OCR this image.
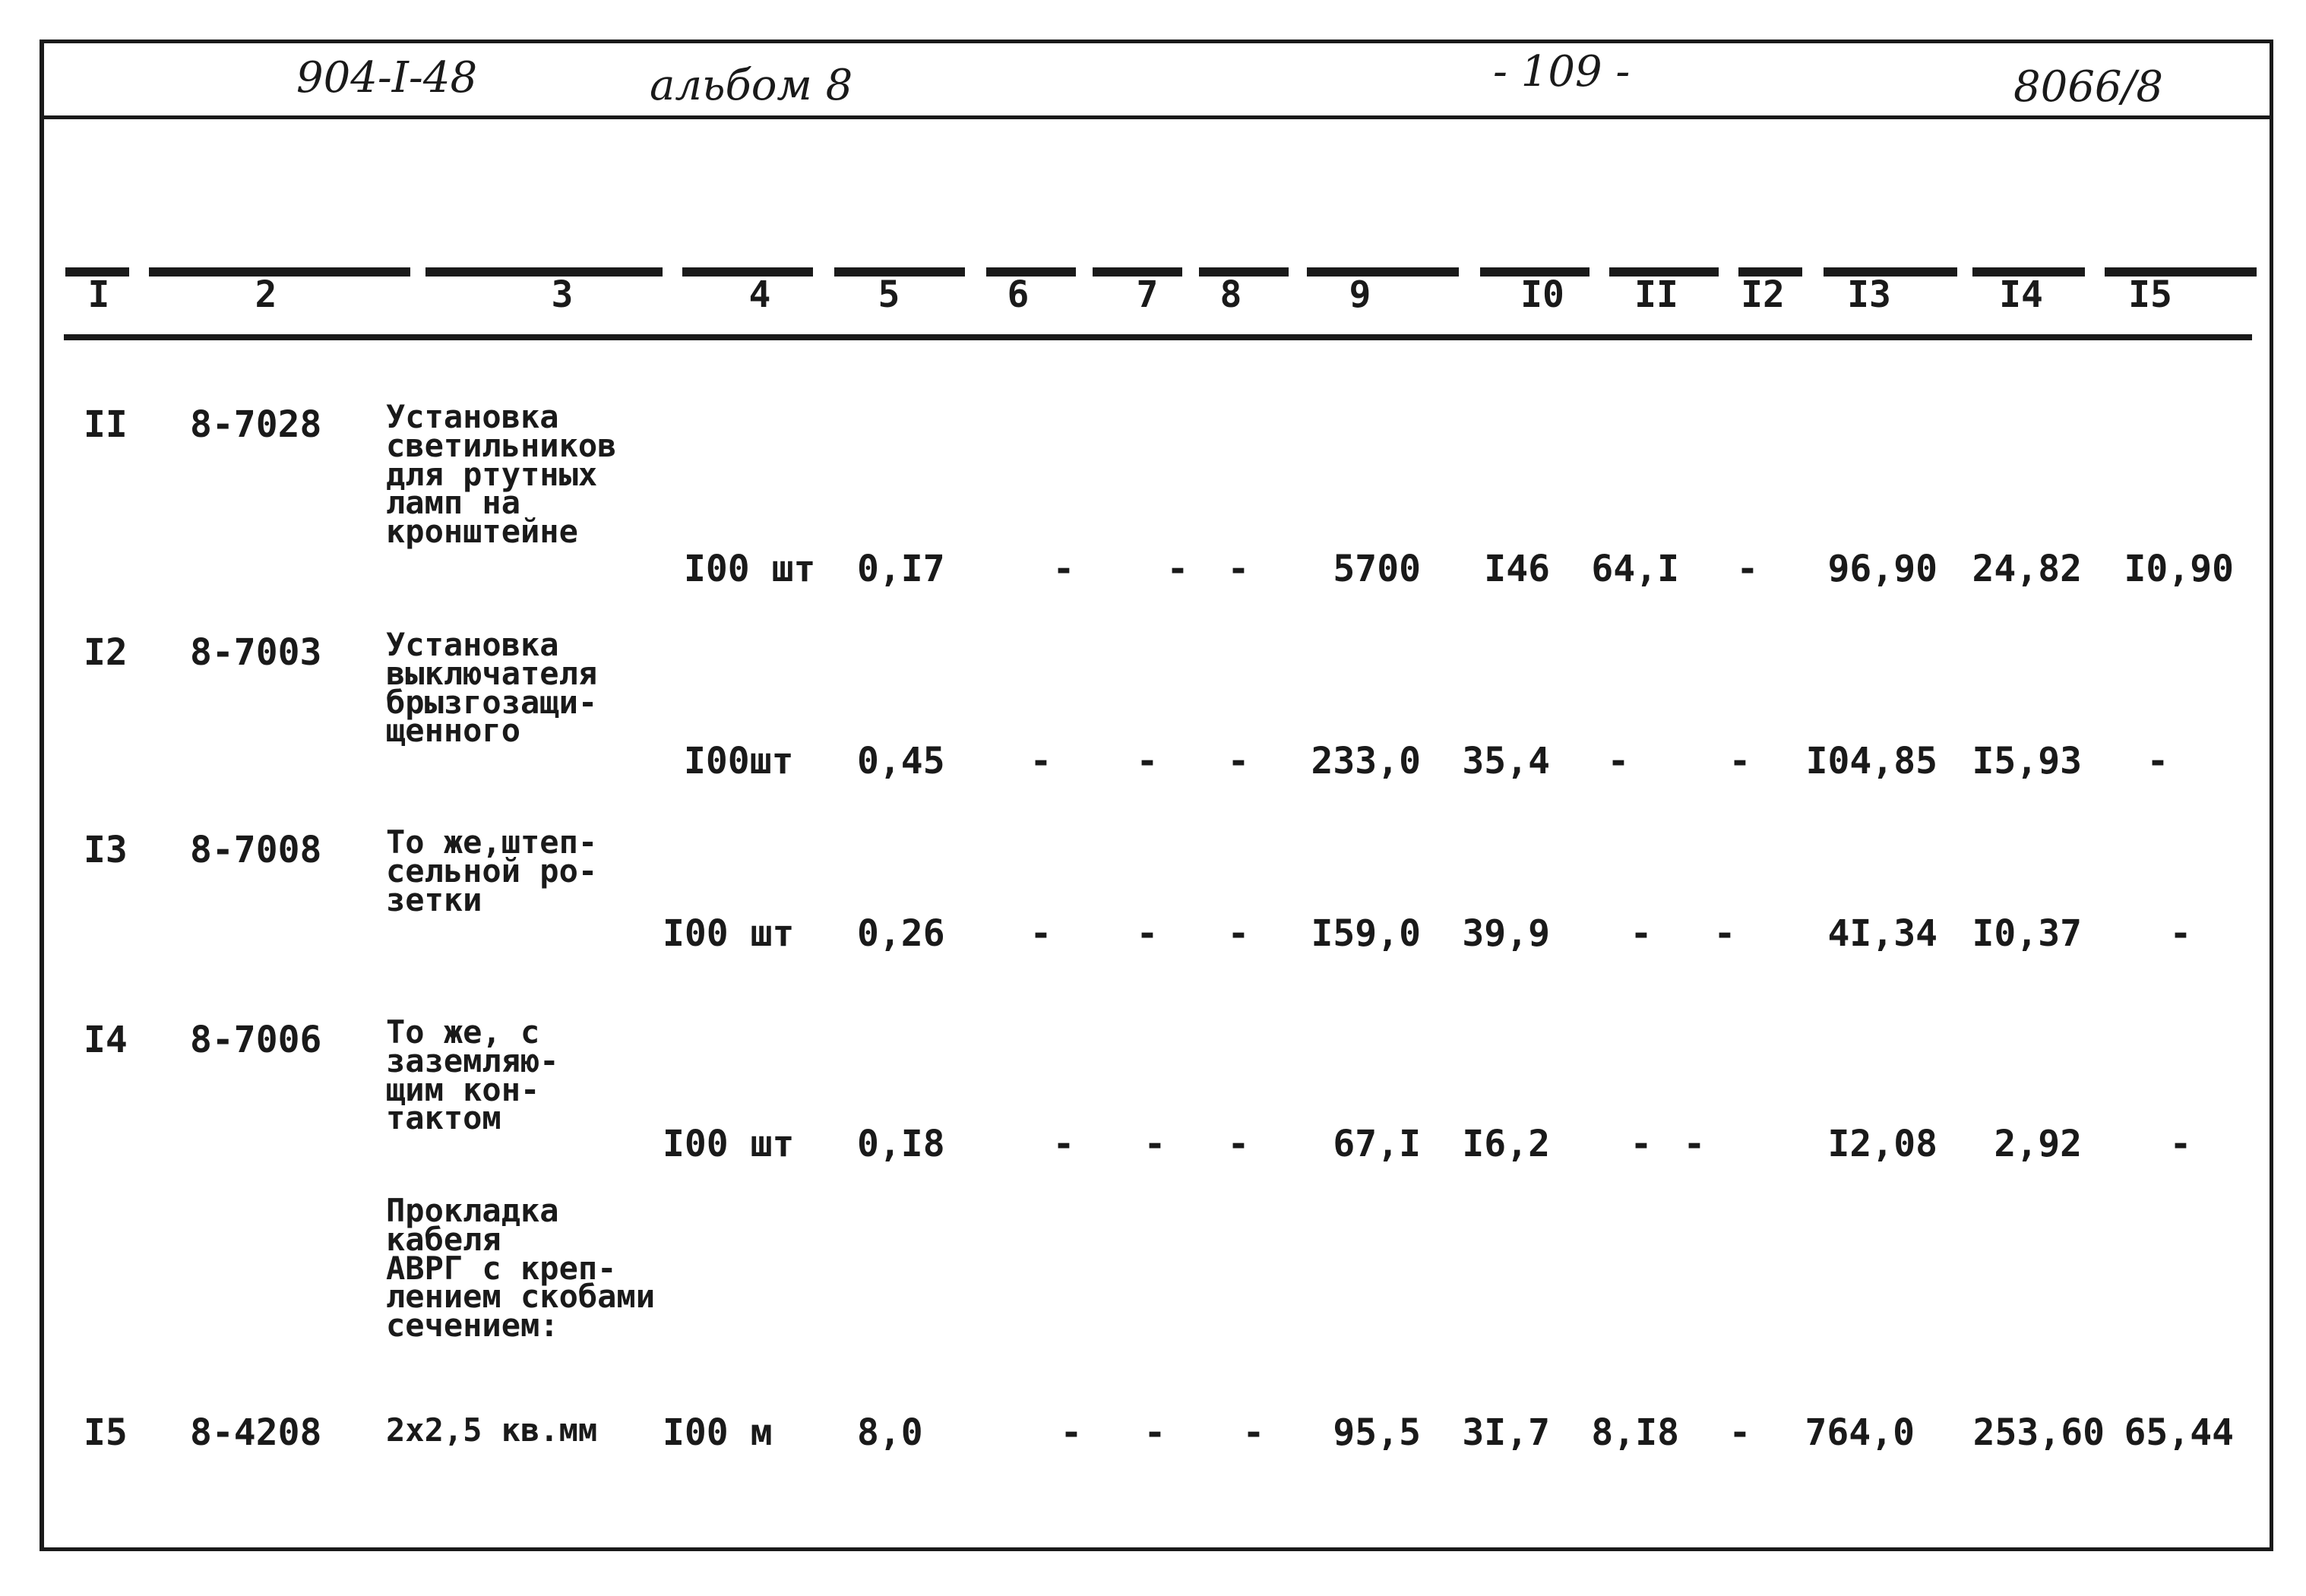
904-I-48	альбом 8	- 109 -	8066/8
I	2	3	4	5	6	7	8	9	I0 II I2 I3	I4 I5
II 8-7028 Установка
светильников
для ртутных
ламп на
кронштейне
I00 шт 0,I7	-	-	-	5700	I46	64,I	-	96,90 24,82	I0,90
I2 8-7003 Установка
выключателя
брызгозащи-
щенного
I00шт 0,45	-	-	-	233,0	35,4	-	-	I04,85 I5,93	-
I3 8-7008 То же,штеп-
сельной ро-
зетки
I00 шт 0,26	-	-	-	I59,0	39,9	-	-	4I,34 I0,37	-
I4 8-7006 То же, с
заземляю-
щим кон-
тактом
I00 шт 0,I8	-	-	-	67,I	I6,2	- -	I2,08	2,92	-
Прокладка
кабеля
АВРГ с креп-
лением скобами
сечением:
I5 8-4208 2х2,5 кв.мм	I00 м 8,0	-	-	-	95,5	3I,7	8,I8	-	764,0	253,60 65,44
